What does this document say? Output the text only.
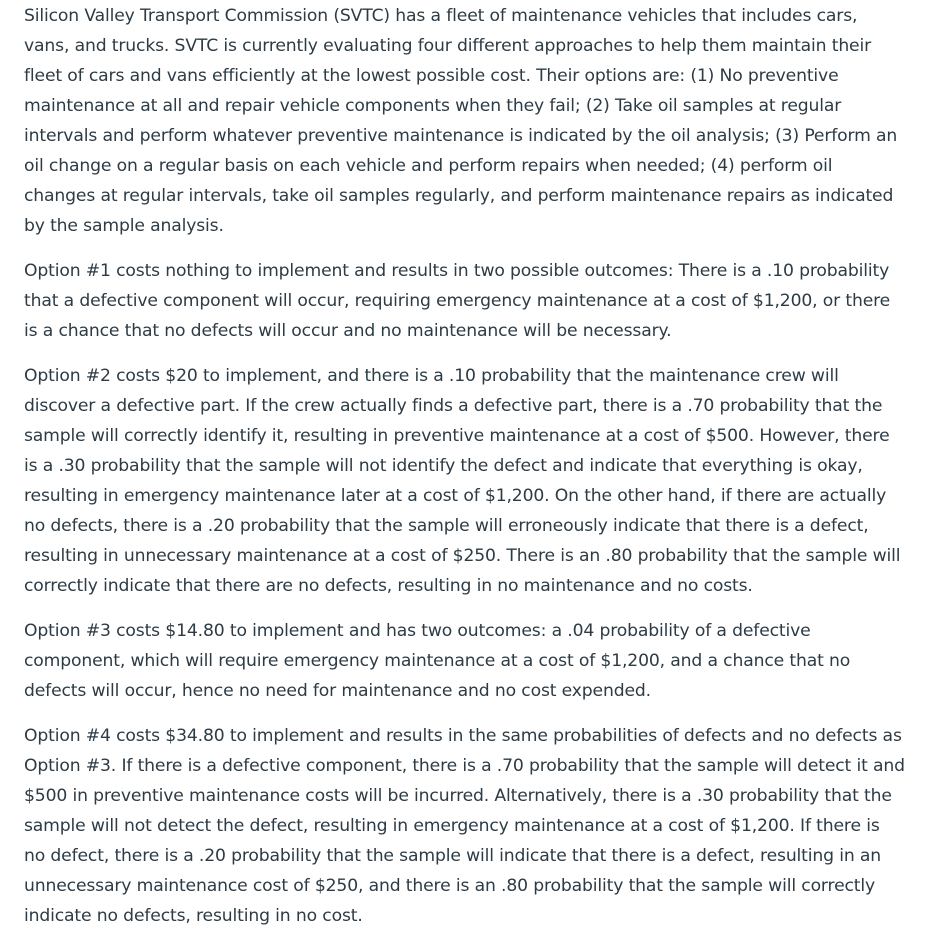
Silicon Valley Transport Commission (SVTC) has a fleet of maintenance vehicles that includes cars, vans, and trucks. SVTC is currently evaluating four different approaches to help them maintain their fleet of cars and vans efficiently at the lowest possible cost. Their options are: (1) No preventive maintenance at all and repair vehicle components when they fail; (2) Take oil samples at regular intervals and perform whatever preventive maintenance is indicated by the oil analysis; (3) Perform an oil change on a regular basis on each vehicle and perform repairs when needed; (4) perform oil changes at regular intervals, take oil samples regularly, and perform maintenance repairs as indicated by the sample analysis.

Option #1 costs nothing to implement and results in two possible outcomes: There is a .10 probability that a defective component will occur, requiring emergency maintenance at a cost of $1,200, or there is a chance that no defects will occur and no maintenance will be necessary.

Option #2 costs $20 to implement, and there is a .10 probability that the maintenance crew will discover a defective part. If the crew actually finds a defective part, there is a .70 probability that the sample will correctly identify it, resulting in preventive maintenance at a cost of $500. However, there is a .30 probability that the sample will not identify the defect and indicate that everything is okay, resulting in emergency maintenance later at a cost of $1,200. On the other hand, if there are actually no defects, there is a .20 probability that the sample will erroneously indicate that there is a defect, resulting in unnecessary maintenance at a cost of $250. There is an .80 probability that the sample will correctly indicate that there are no defects, resulting in no maintenance and no costs.

Option #3 costs $14.80 to implement and has two outcomes: a .04 probability of a defective component, which will require emergency maintenance at a cost of $1,200, and a chance that no defects will occur, hence no need for maintenance and no cost expended.

Option #4 costs $34.80 to implement and results in the same probabilities of defects and no defects as Option #3. If there is a defective component, there is a .70 probability that the sample will detect it and $500 in preventive maintenance costs will be incurred. Alternatively, there is a .30 probability that the sample will not detect the defect, resulting in emergency maintenance at a cost of $1,200. If there is no defect, there is a .20 probability that the sample will indicate that there is a defect, resulting in an unnecessary maintenance cost of $250, and there is an .80 probability that the sample will correctly indicate no defects, resulting in no cost.
